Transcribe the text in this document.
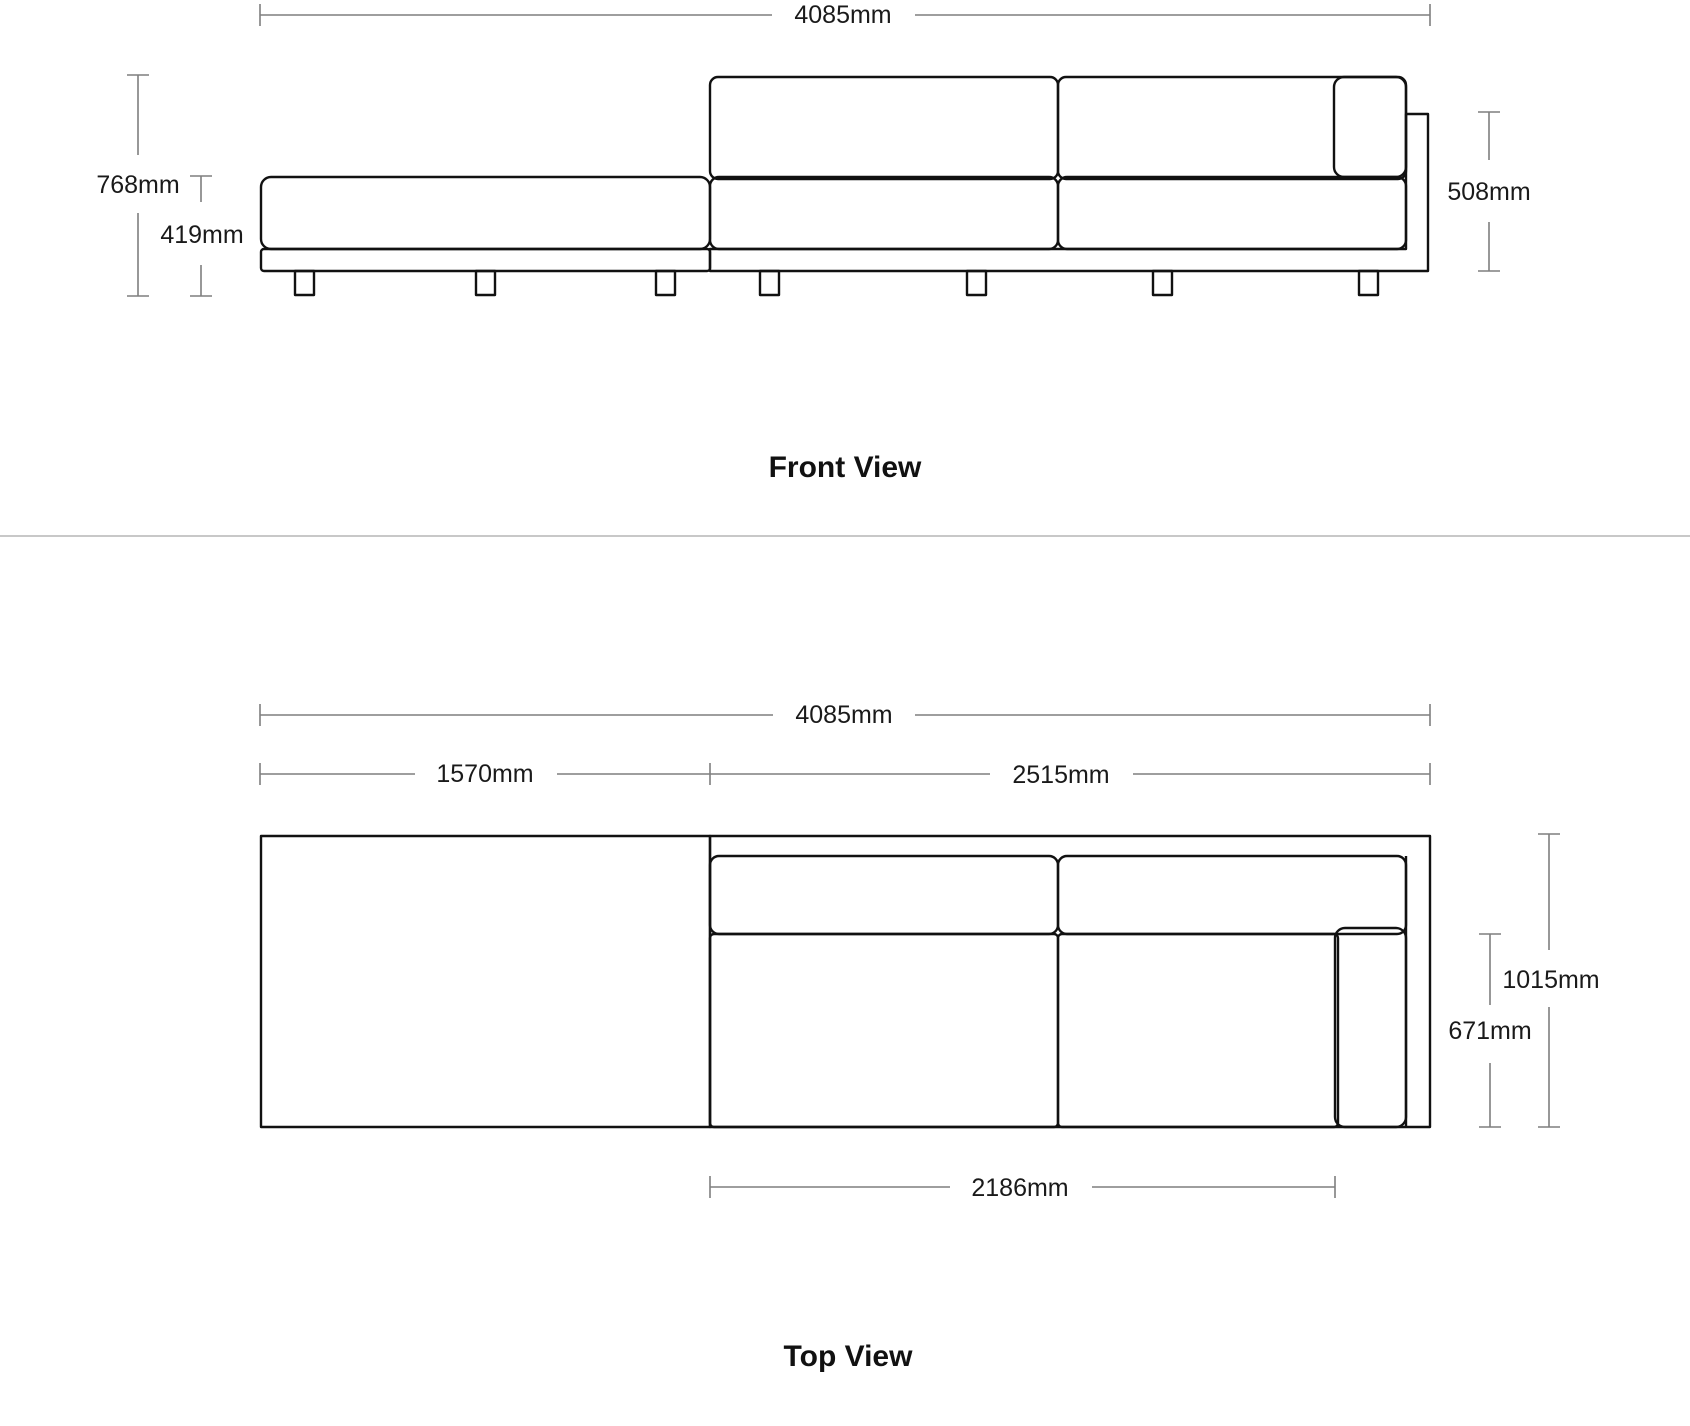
4085mm
768mm
419mm
508mm
Front View
4085mm
1570mm	2515mm
1015mm
671mm
2186mm
Top View
